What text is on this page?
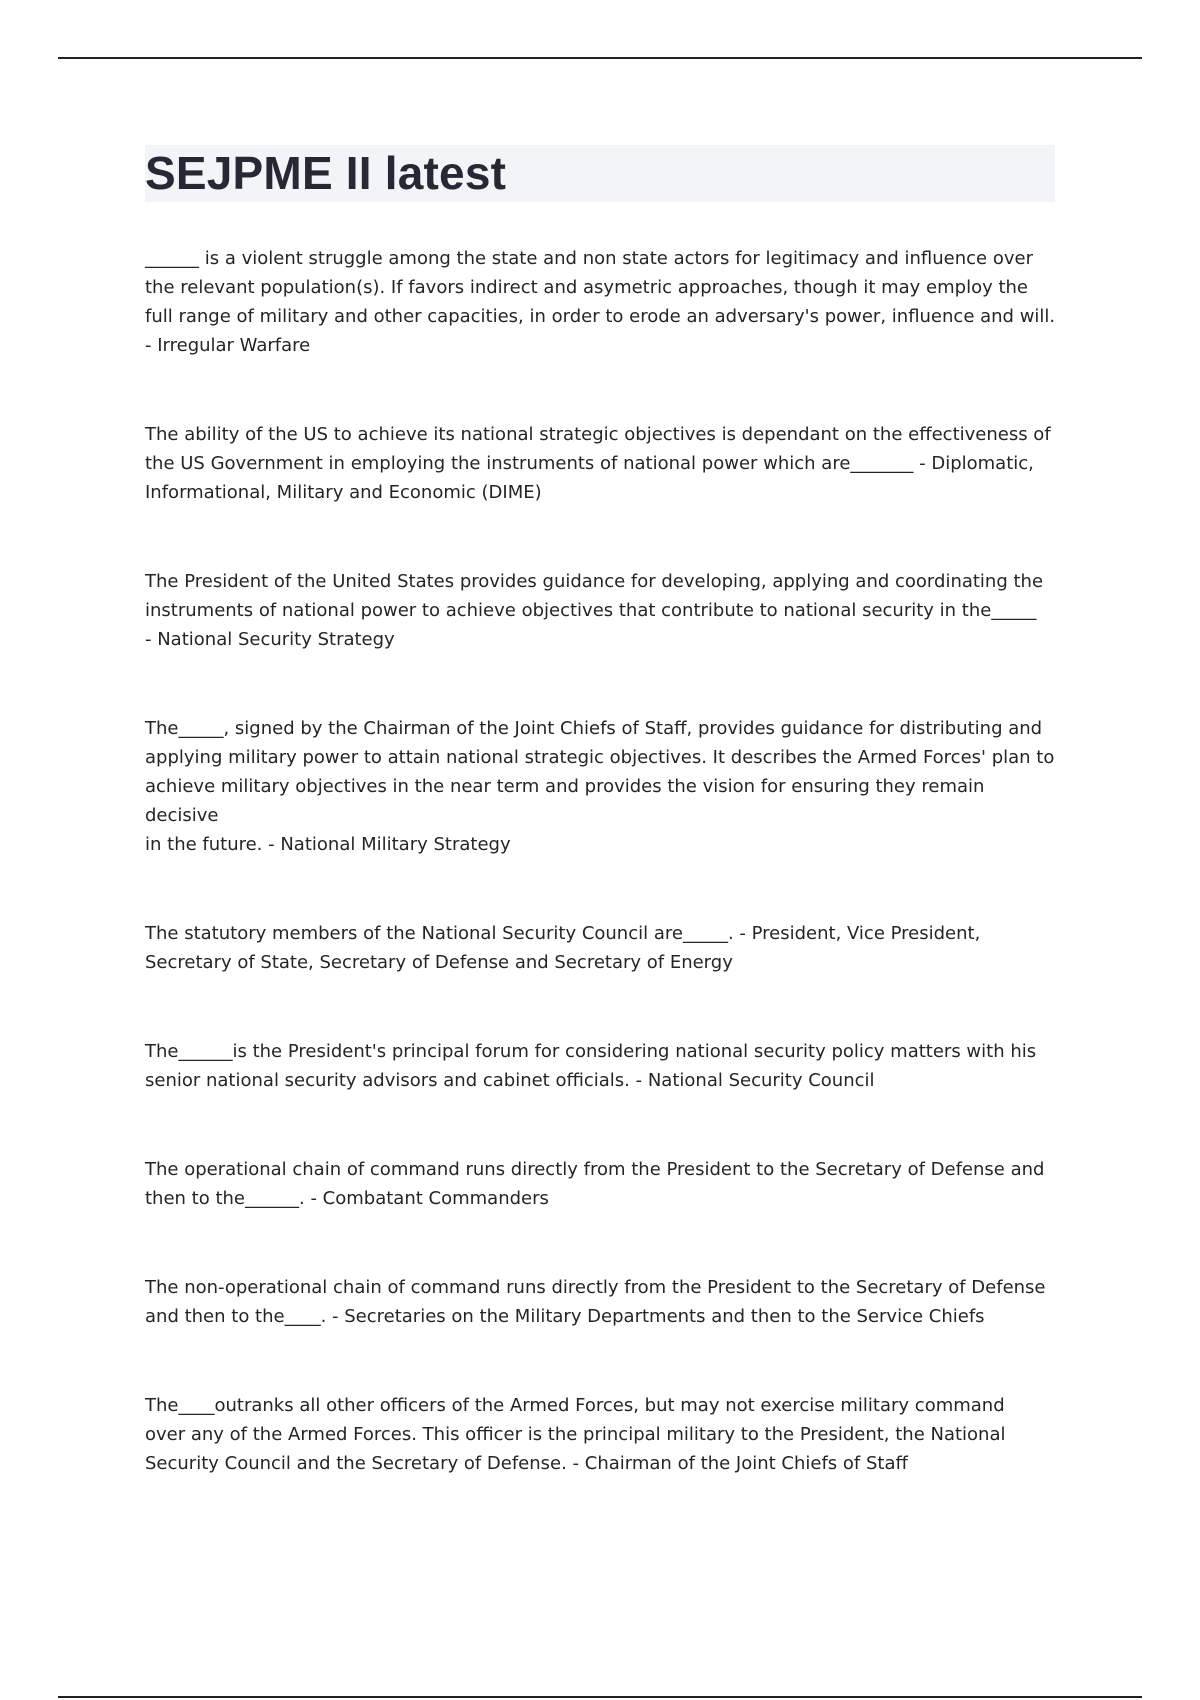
SEJPME II latest
______ is a violent struggle among the state and non state actors for legitimacy and influence over
the relevant population(s). If favors indirect and asymetric approaches, though it may employ the
full range of military and other capacities, in order to erode an adversary's power, influence and will.
- Irregular Warfare
The ability of the US to achieve its national strategic objectives is dependant on the effectiveness of
the US Government in employing the instruments of national power which are_______ - Diplomatic,
Informational, Military and Economic (DIME)
The President of the United States provides guidance for developing, applying and coordinating the
instruments of national power to achieve objectives that contribute to national security in the_____
- National Security Strategy
The_____, signed by the Chairman of the Joint Chiefs of Staff, provides guidance for distributing and
applying military power to attain national strategic objectives. It describes the Armed Forces' plan to
achieve military objectives in the near term and provides the vision for ensuring they remain decisive
in the future. - National Military Strategy
The statutory members of the National Security Council are_____. - President, Vice President,
Secretary of State, Secretary of Defense and Secretary of Energy
The______is the President's principal forum for considering national security policy matters with his
senior national security advisors and cabinet officials. - National Security Council
The operational chain of command runs directly from the President to the Secretary of Defense and
then to the______. - Combatant Commanders
The non-operational chain of command runs directly from the President to the Secretary of Defense
and then to the____. - Secretaries on the Military Departments and then to the Service Chiefs
The____outranks all other officers of the Armed Forces, but may not exercise military command
over any of the Armed Forces. This officer is the principal military to the President, the National
Security Council and the Secretary of Defense. - Chairman of the Joint Chiefs of Staff
